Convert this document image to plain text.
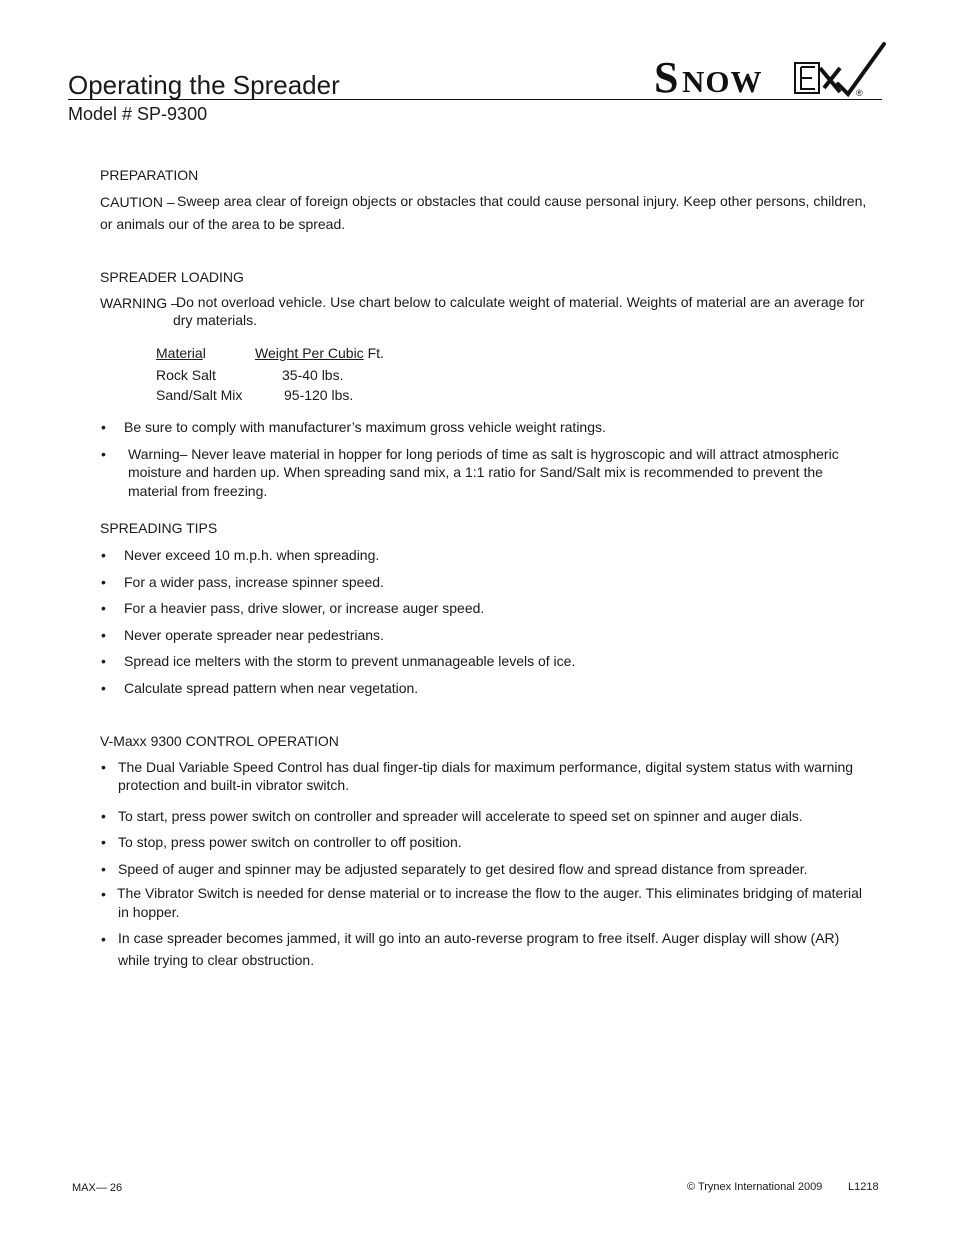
Operating the Spreader
Model # SP-9300
S NOW	®
PREPARATION
CAUTION – Sweep area clear of foreign objects or obstacles that could cause personal injury. Keep other persons, children,
or animals our of the area to be spread.
SPREADER LOADING
WARNING –
Do not overload vehicle. Use chart below to calculate weight of material. Weights of material are an average for
dry materials.
Material	Weight Per Cubic Ft.
Rock Salt	35-40 lbs.
Sand/Salt Mix	95-120 lbs.
• Be sure to comply with manufacturer’s maximum gross vehicle weight ratings.
• Warning– Never leave material in hopper for long periods of time as salt is hygroscopic and will attract atmospheric
moisture and harden up. When spreading sand mix, a 1:1 ratio for Sand/Salt mix is recommended to prevent the
material from freezing.
SPREADING TIPS
• Never exceed 10 m.p.h. when spreading.
• For a wider pass, increase spinner speed.
• For a heavier pass, drive slower, or increase auger speed.
• Never operate spreader near pedestrians.
• Spread ice melters with the storm to prevent unmanageable levels of ice.
• Calculate spread pattern when near vegetation.
V-Maxx 9300 CONTROL OPERATION
• The Dual Variable Speed Control has dual finger-tip dials for maximum performance, digital system status with warning
protection and built-in vibrator switch.
• To start, press power switch on controller and spreader will accelerate to speed set on spinner and auger dials.
• To stop, press power switch on controller to off position.
• Speed of auger and spinner may be adjusted separately to get desired flow and spread distance from spreader.
• The Vibrator Switch is needed for dense material or to increase the flow to the auger. This eliminates bridging of material
in hopper.
• In case spreader becomes jammed, it will go into an auto-reverse program to free itself. Auger display will show (AR)
while trying to clear obstruction.
MAX— 26	© Trynex International 2009 L1218
